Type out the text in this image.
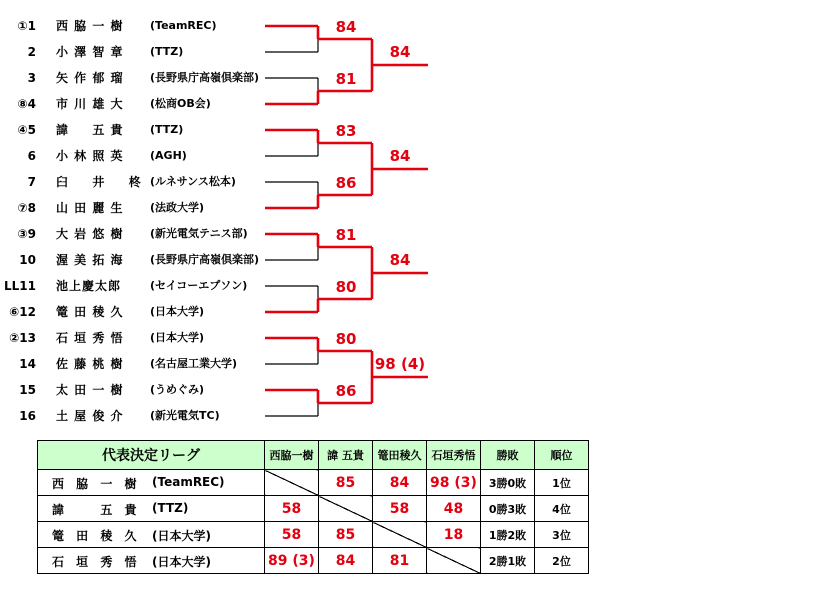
①1 西 脇 一 樹	(TeamREC)
2 小 澤 智 章	(TTZ)
3 矢 作 郁 瑠	(長野県庁高嶺倶楽部)
⑧4 市 川 雄 大	(松商OB会)
④5 諱 　 五 貴	(TTZ)
6 小 林 照 英	(AGH)
7 臼 　 井 　 柊 (ルネサンス松本)
⑦8 山 田 麗 生	(法政大学)
③9 大 岩 悠 樹	(新光電気テニス部)
10 渥 美 拓 海	(長野県庁高嶺倶楽部)
LL11 池上慶太郎	(セイコーエプソン)
⑥12 篭 田 稜 久	(日本大学)
②13 石 垣 秀 悟	(日本大学)
14 佐 藤 桃 樹	(名古屋工業大学)
15 太 田 一 樹	(うめぐみ)
16 土 屋 俊 介	(新光電気TC)
84
81
83
86
81
80
80
86
84
84
84
98 (4)
代表決定リーグ	西脇一樹	諱 五貴	篭田稜久	石垣秀悟	勝敗	順位

西 脇 一 樹 (TeamREC)		85	84	98 (3)	3勝0敗	1位

諱 　 五 貴 (TTZ)	58		58	48	0勝3敗	4位

篭 田 稜 久 (日本大学)	58	85		18	1勝2敗	3位

石 垣 秀 悟 (日本大学)	89 (3)	84	81		2勝1敗	2位
